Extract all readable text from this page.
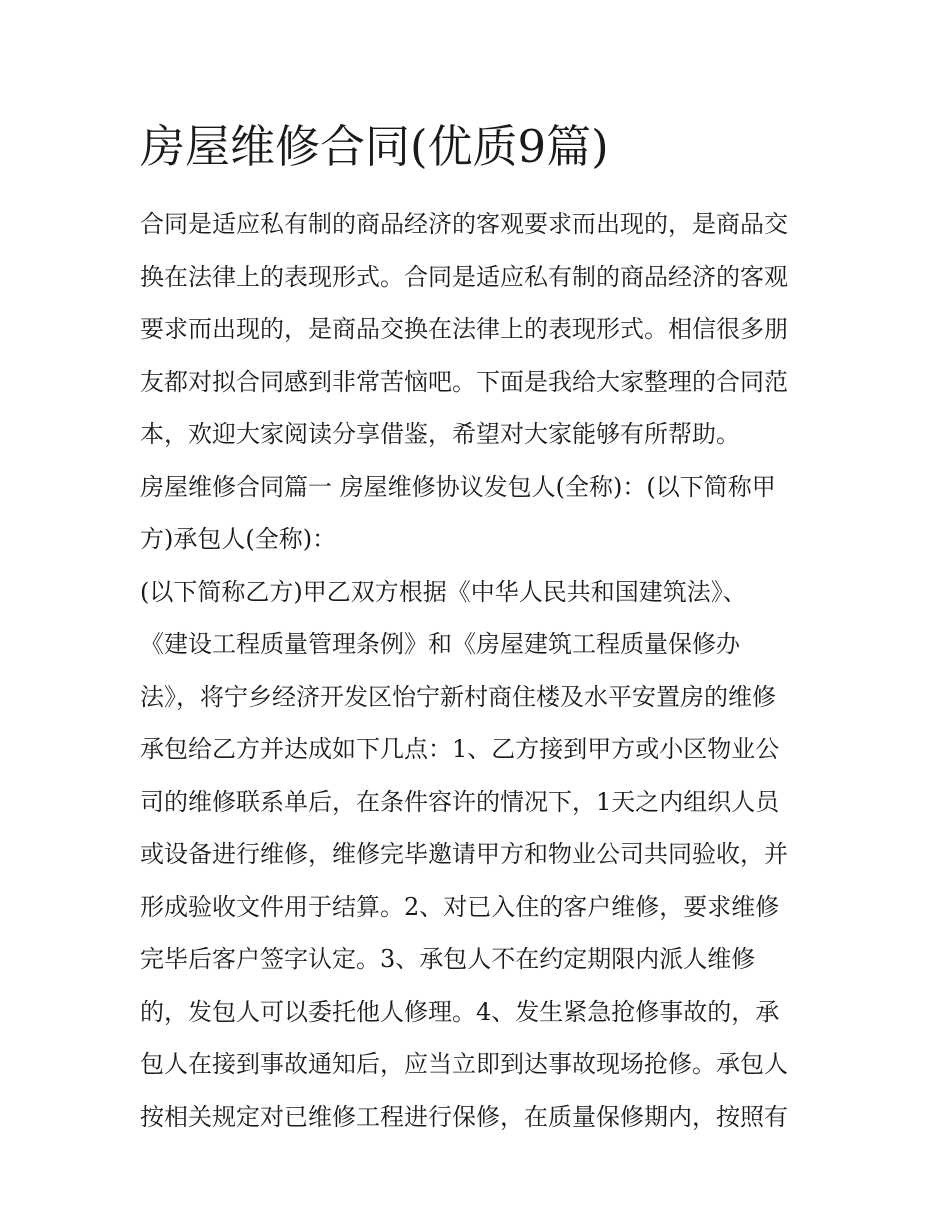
房屋维修合同(优质9篇)
合同是适应私有制的商品经济的客观要求而出现的，是商品交
换在法律上的表现形式。合同是适应私有制的商品经济的客观
要求而出现的，是商品交换在法律上的表现形式。相信很多朋
友都对拟合同感到非常苦恼吧。下面是我给大家整理的合同范
本，欢迎大家阅读分享借鉴，希望对大家能够有所帮助。
房屋维修合同篇一 房屋维修协议发包人(全称)：(以下简称甲
方)承包人(全称)：
(以下简称乙方)甲乙双方根据《中华人民共和国建筑法》、
《建设工程质量管理条例》和《房屋建筑工程质量保修办
法》，将宁乡经济开发区怡宁新村商住楼及水平安置房的维修
承包给乙方并达成如下几点：1、乙方接到甲方或小区物业公
司的维修联系单后，在条件容许的情况下，1天之内组织人员
或设备进行维修，维修完毕邀请甲方和物业公司共同验收，并
形成验收文件用于结算。2、对已入住的客户维修，要求维修
完毕后客户签字认定。3、承包人不在约定期限内派人维修
的，发包人可以委托他人修理。4、发生紧急抢修事故的，承
包人在接到事故通知后，应当立即到达事故现场抢修。承包人
按相关规定对已维修工程进行保修，在质量保修期内，按照有
